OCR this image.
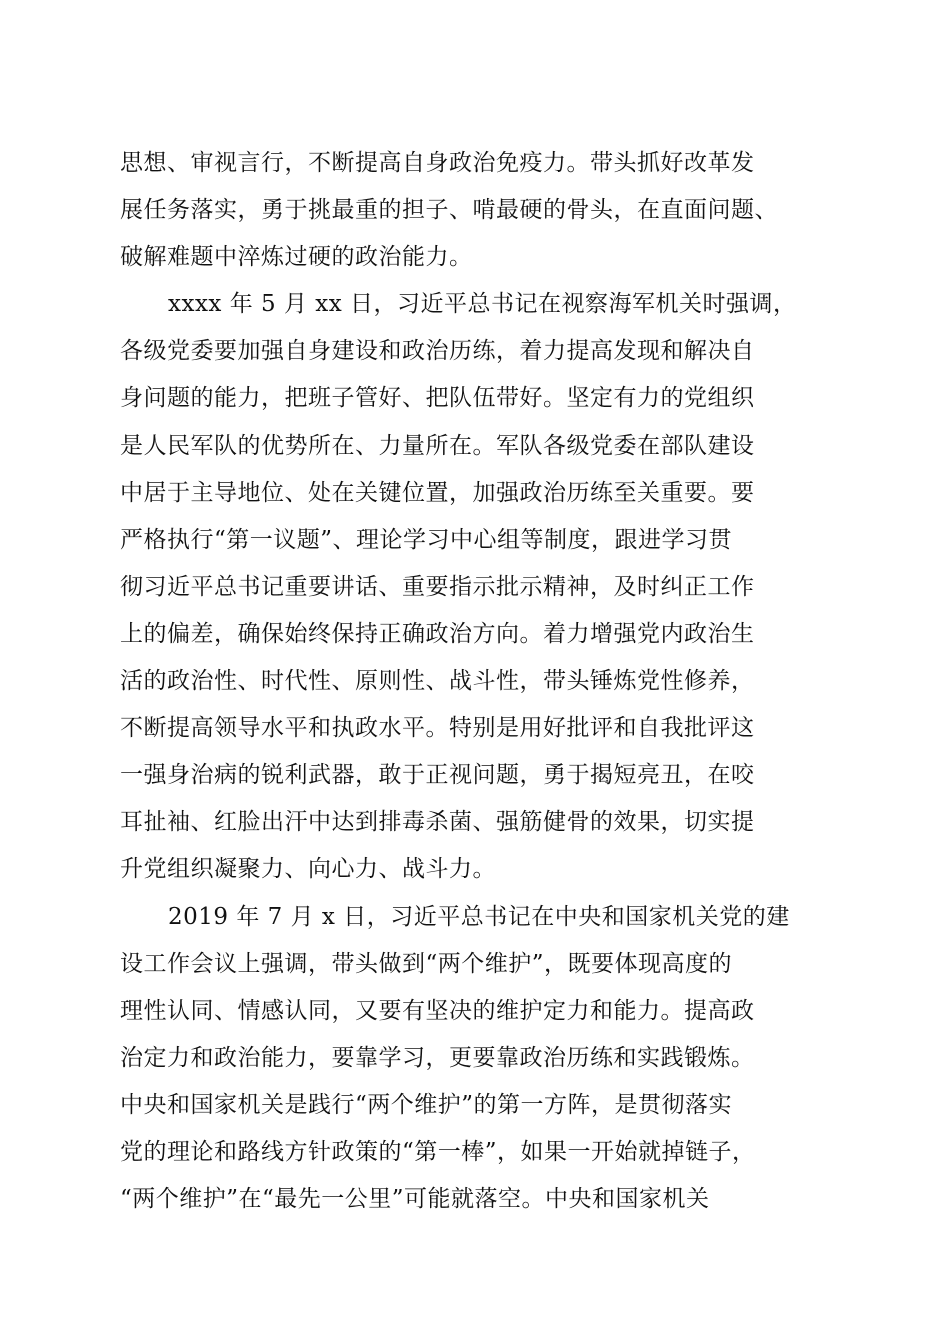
思想、审视言行，不断提高自身政治免疫力。带头抓好改革发
展任务落实，勇于挑最重的担子、啃最硬的骨头，在直面问题、
破解难题中淬炼过硬的政治能力。
xxxx 年 5 月 xx 日，习近平总书记在视察海军机关时强调，
各级党委要加强自身建设和政治历练，着力提高发现和解决自
身问题的能力，把班子管好、把队伍带好。坚定有力的党组织
是人民军队的优势所在、力量所在。军队各级党委在部队建设
中居于主导地位、处在关键位置，加强政治历练至关重要。要
严格执行“第一议题”、理论学习中心组等制度，跟进学习贯
彻习近平总书记重要讲话、重要指示批示精神，及时纠正工作
上的偏差，确保始终保持正确政治方向。着力增强党内政治生
活的政治性、时代性、原则性、战斗性，带头锤炼党性修养，
不断提高领导水平和执政水平。特别是用好批评和自我批评这
一强身治病的锐利武器，敢于正视问题，勇于揭短亮丑，在咬
耳扯袖、红脸出汗中达到排毒杀菌、强筋健骨的效果，切实提
升党组织凝聚力、向心力、战斗力。
2019 年 7 月 x 日，习近平总书记在中央和国家机关党的建
设工作会议上强调，带头做到“两个维护”，既要体现高度的
理性认同、情感认同，又要有坚决的维护定力和能力。提高政
治定力和政治能力，要靠学习，更要靠政治历练和实践锻炼。
中央和国家机关是践行“两个维护”的第一方阵，是贯彻落实
党的理论和路线方针政策的“第一棒”，如果一开始就掉链子，
“两个维护”在“最先一公里”可能就落空。中央和国家机关
